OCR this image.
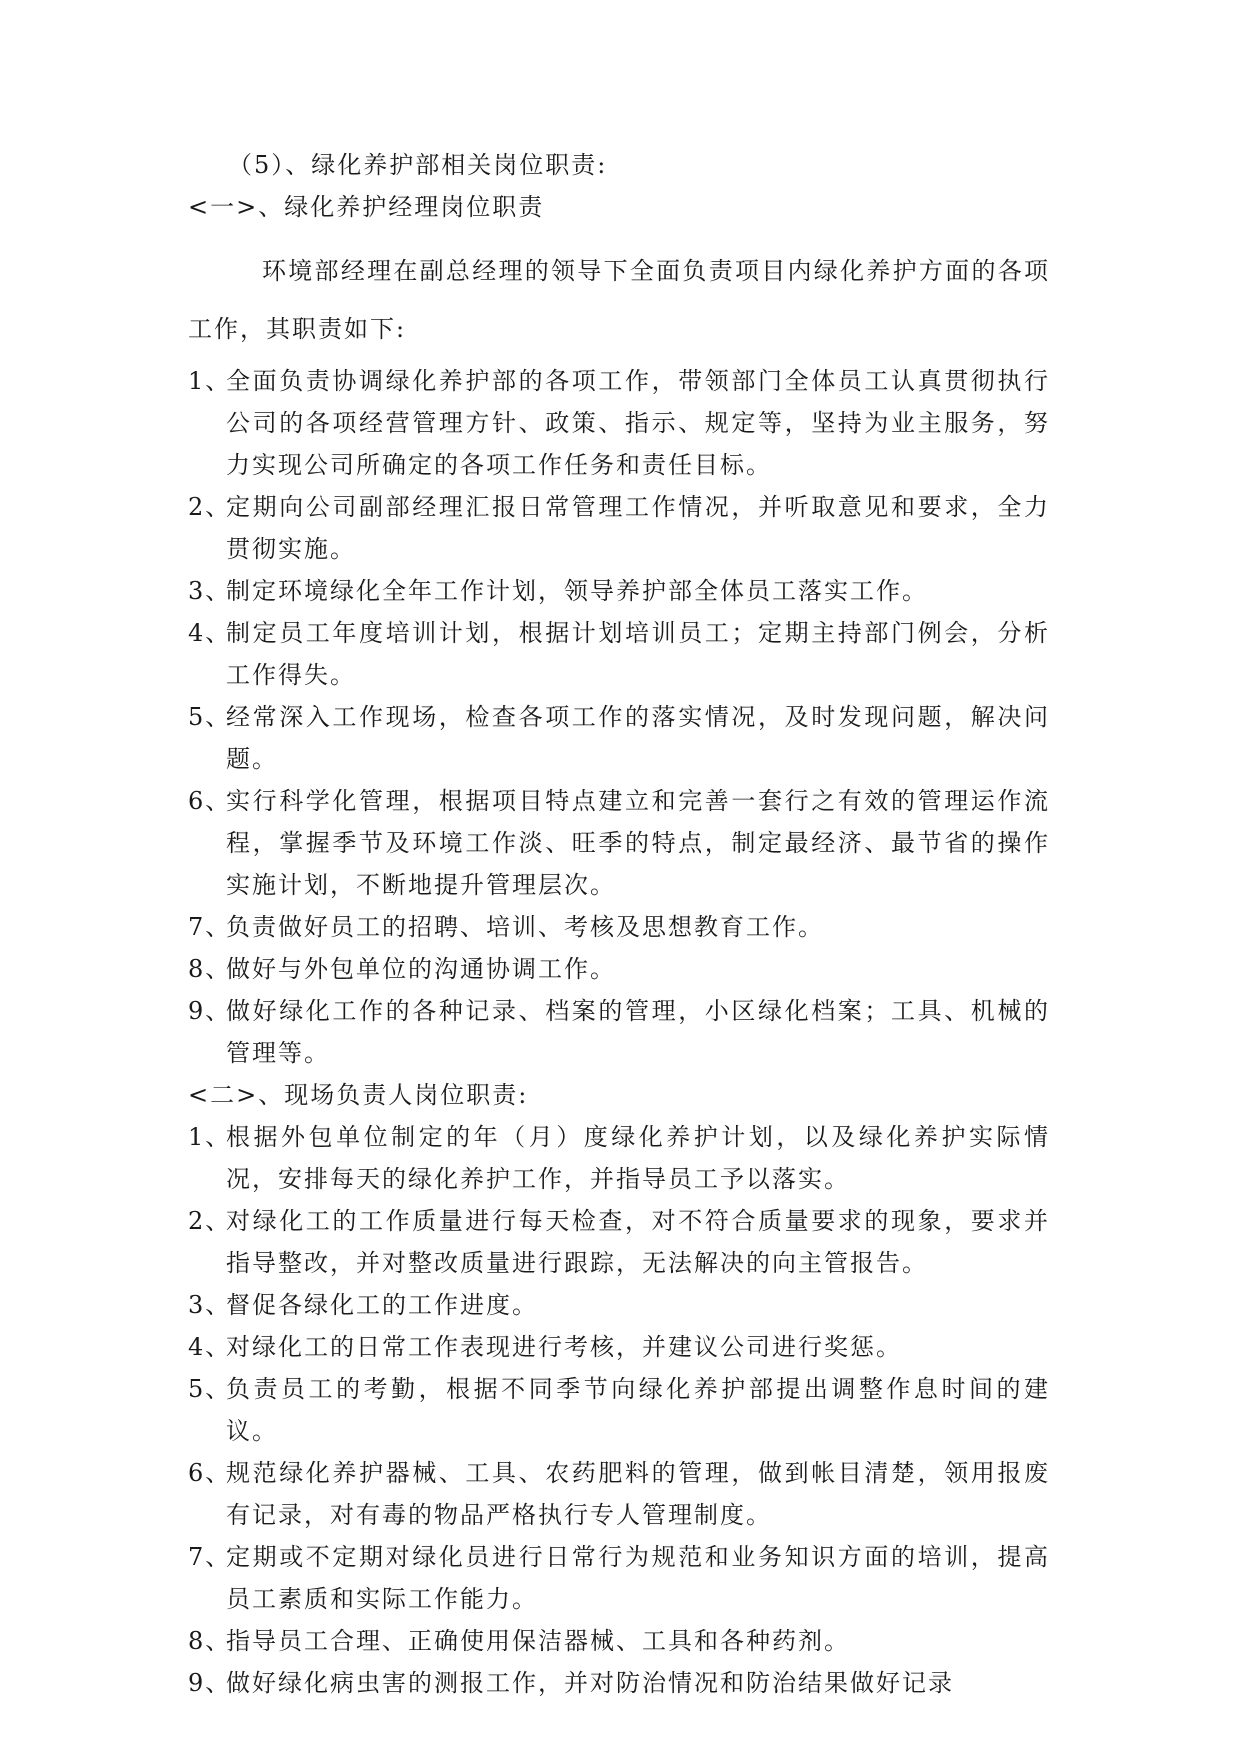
（5）、绿化养护部相关岗位职责:
<一>、绿化养护经理岗位职责

环境部经理在副总经理的领导下全面负责项目内绿化养护方面的各项工作，其职责如下:

1、
全面负责协调绿化养护部的各项工作，带领部门全体员工认真贯彻执行公司的各项经营管理方针、政策、指示、规定等，坚持为业主服务，努力实现公司所确定的各项工作任务和责任目标。
2、
定期向公司副部经理汇报日常管理工作情况，并听取意见和要求，全力贯彻实施。
3、
制定环境绿化全年工作计划，领导养护部全体员工落实工作。
4、
制定员工年度培训计划，根据计划培训员工；定期主持部门例会，分析工作得失。
5、
经常深入工作现场，检查各项工作的落实情况，及时发现问题，解决问题。
6、
实行科学化管理，根据项目特点建立和完善一套行之有效的管理运作流程，掌握季节及环境工作淡、旺季的特点，制定最经济、最节省的操作实施计划，不断地提升管理层次。
7、
负责做好员工的招聘、培训、考核及思想教育工作。
8、
做好与外包单位的沟通协调工作。
9、
做好绿化工作的各种记录、档案的管理，小区绿化档案；工具、机械的管理等。
<二>、现场负责人岗位职责:
1、
根据外包单位制定的年（月）度绿化养护计划，以及绿化养护实际情况，安排每天的绿化养护工作，并指导员工予以落实。
2、
对绿化工的工作质量进行每天检查，对不符合质量要求的现象，要求并指导整改，并对整改质量进行跟踪，无法解决的向主管报告。
3、
督促各绿化工的工作进度。
4、
对绿化工的日常工作表现进行考核，并建议公司进行奖惩。
5、
负责员工的考勤，根据不同季节向绿化养护部提出调整作息时间的建议。
6、
规范绿化养护器械、工具、农药肥料的管理，做到帐目清楚，领用报废有记录，对有毒的物品严格执行专人管理制度。
7、
定期或不定期对绿化员进行日常行为规范和业务知识方面的培训，提高员工素质和实际工作能力。
8、
指导员工合理、正确使用保洁器械、工具和各种药剂。
9、
做好绿化病虫害的测报工作，并对防治情况和防治结果做好记录
